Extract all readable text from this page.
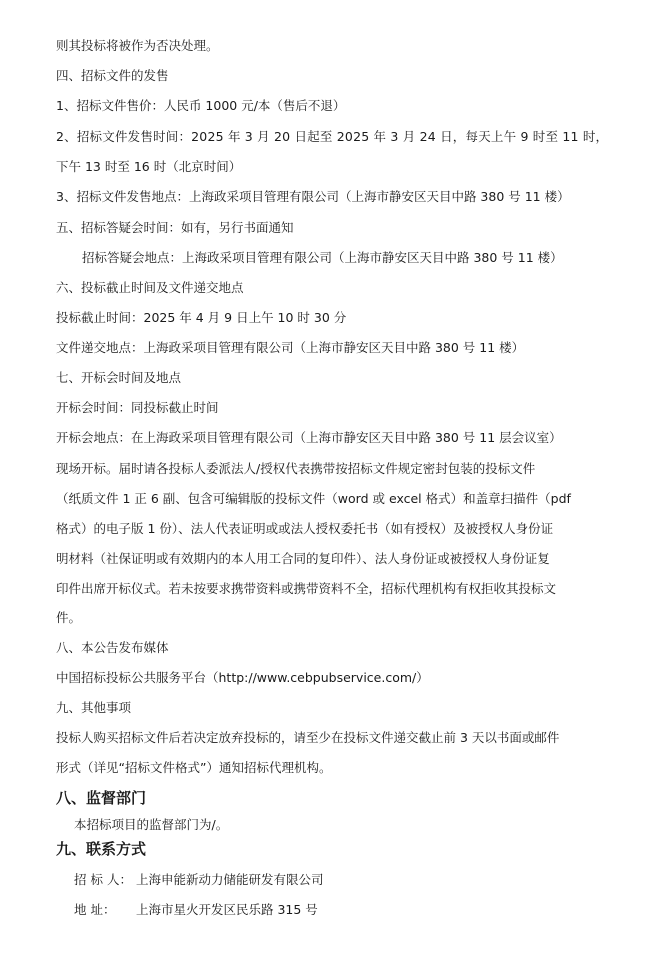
则其投标将被作为否决处理。
四、招标文件的发售
1、招标文件售价：人民币 1000 元/本（售后不退）
2、招标文件发售时间：2025 年 3 月 20 日起至 2025 年 3 月 24 日，每天上午 9 时至 11 时，
下午 13 时至 16 时（北京时间）
3、招标文件发售地点：上海政采项目管理有限公司（上海市静安区天目中路 380 号 11 楼）
五、招标答疑会时间：如有，另行书面通知
招标答疑会地点：上海政采项目管理有限公司（上海市静安区天目中路 380 号 11 楼）
六、投标截止时间及文件递交地点
投标截止时间：2025 年 4 月 9 日上午 10 时 30 分
文件递交地点：上海政采项目管理有限公司（上海市静安区天目中路 380 号 11 楼）
七、开标会时间及地点
开标会时间：同投标截止时间
开标会地点：在上海政采项目管理有限公司（上海市静安区天目中路 380 号 11 层会议室）
现场开标。届时请各投标人委派法人/授权代表携带按招标文件规定密封包装的投标文件
（纸质文件 1 正 6 副、包含可编辑版的投标文件（word 或 excel 格式）和盖章扫描件（pdf
格式）的电子版 1 份）、法人代表证明或或法人授权委托书（如有授权）及被授权人身份证
明材料（社保证明或有效期内的本人用工合同的复印件）、法人身份证或被授权人身份证复
印件出席开标仪式。若未按要求携带资料或携带资料不全，招标代理机构有权拒收其投标文
件。
八、本公告发布媒体
中国招标投标公共服务平台（http://www.cebpubservice.com/）
九、其他事项
投标人购买招标文件后若决定放弃投标的，请至少在投标文件递交截止前 3 天以书面或邮件
形式（详见“招标文件格式”）通知招标代理机构。
八、监督部门
本招标项目的监督部门为/。
九、联系方式
招 标 人： 上海申能新动力储能研发有限公司
地 址： 上海市星火开发区民乐路 315 号
